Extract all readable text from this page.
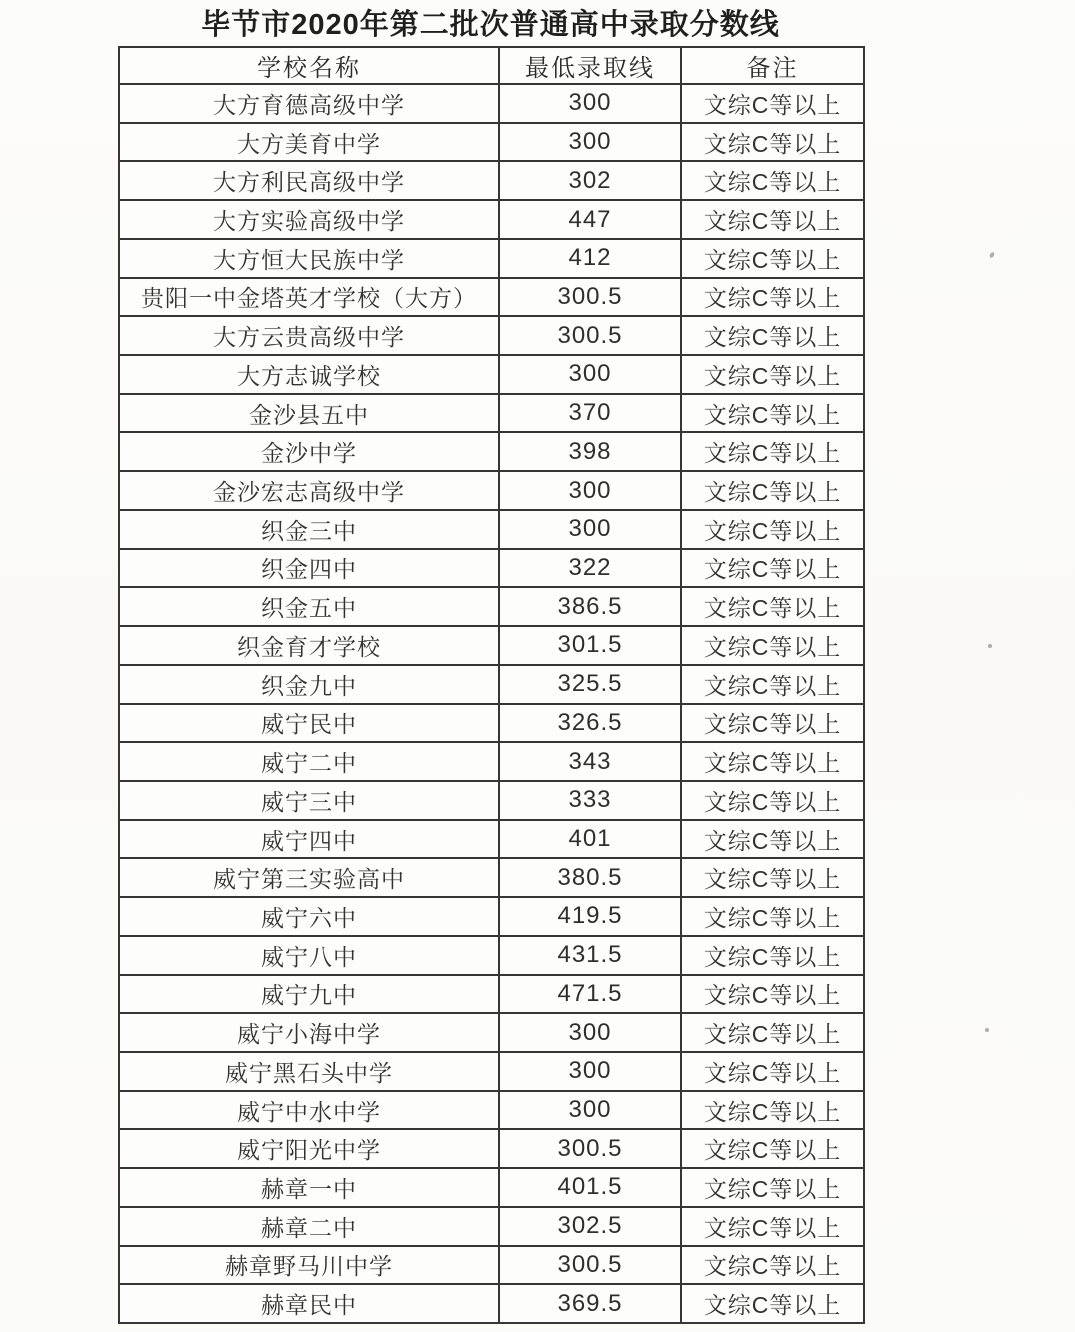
毕节市2020年第二批次普通高中录取分数线
学校名称	最低录取线	备注
大方育德高级中学	300	文综C等以上
大方美育中学	300	文综C等以上
大方利民高级中学	302	文综C等以上
大方实验高级中学	447	文综C等以上
大方恒大民族中学	412	文综C等以上
贵阳一中金塔英才学校（大方）	300.5	文综C等以上
大方云贵高级中学	300.5	文综C等以上
大方志诚学校	300	文综C等以上
金沙县五中	370	文综C等以上
金沙中学	398	文综C等以上
金沙宏志高级中学	300	文综C等以上
织金三中	300	文综C等以上
织金四中	322	文综C等以上
织金五中	386.5	文综C等以上
织金育才学校	301.5	文综C等以上
织金九中	325.5	文综C等以上
威宁民中	326.5	文综C等以上
威宁二中	343	文综C等以上
威宁三中	333	文综C等以上
威宁四中	401	文综C等以上
威宁第三实验高中	380.5	文综C等以上
威宁六中	419.5	文综C等以上
威宁八中	431.5	文综C等以上
威宁九中	471.5	文综C等以上
威宁小海中学	300	文综C等以上
威宁黑石头中学	300	文综C等以上
威宁中水中学	300	文综C等以上
威宁阳光中学	300.5	文综C等以上
赫章一中	401.5	文综C等以上
赫章二中	302.5	文综C等以上
赫章野马川中学	300.5	文综C等以上
赫章民中	369.5	文综C等以上
